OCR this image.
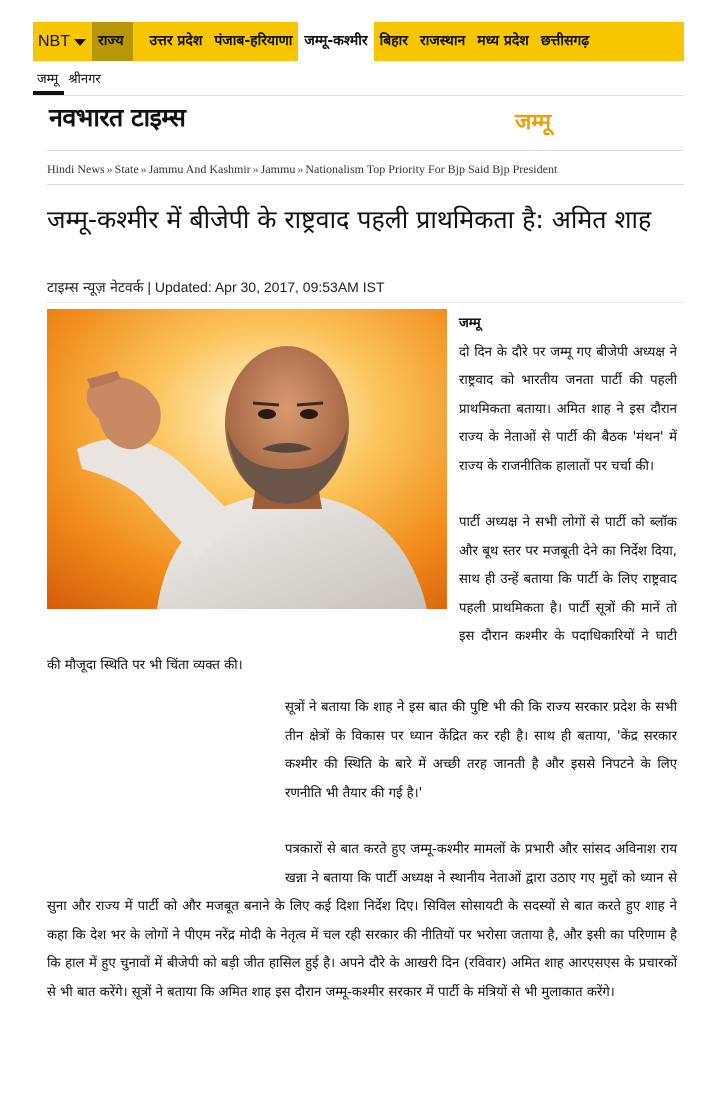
NBT	राज्य	उत्तर प्रदेश पंजाब-हरियाणा जम्मू-कश्मीर बिहार राजस्थान मध्य प्रदेश छत्तीसगढ़
जम्मू श्रीनगर
नवभारत टाइम्स	जम्मू
Hindi News » State » Jammu And Kashmir » Jammu » Nationalism Top Priority For Bjp Said Bjp President
जम्मू-कश्मीर में बीजेपी के राष्ट्रवाद पहली प्राथमिकता है: अमित शाह
टाइम्स न्यूज़ नेटवर्क | Updated: Apr 30, 2017, 09:53AM IST
जम्मू

दो दिन के दौरे पर जम्मू गए बीजेपी अध्यक्ष ने राष्ट्रवाद को भारतीय जनता पार्टी की पहली प्राथमिकता बताया। अमित शाह ने इस दौरान राज्य के नेताओं से पार्टी की बैठक 'मंथन' में राज्य के राजनीतिक हालातों पर चर्चा की।

पार्टी अध्यक्ष ने सभी लोगों से पार्टी को ब्लॉक और बूथ स्तर पर मजबूती देने का निर्देश दिया, साथ ही उन्हें बताया कि पार्टी के लिए राष्ट्रवाद पहली प्राथमिकता है। पार्टी सूत्रों की मानें तो इस दौरान कश्मीर के पदाधिकारियों ने घाटी की मौजूदा स्थिति पर भी चिंता व्यक्त की।

सूत्रों ने बताया कि शाह ने इस बात की पुष्टि भी की कि राज्य सरकार प्रदेश के सभी तीन क्षेत्रों के विकास पर ध्यान केंद्रित कर रही है। साथ ही बताया, 'केंद्र सरकार कश्मीर की स्थिति के बारे में अच्छी तरह जानती है और इससे निपटने के लिए रणनीति भी तैयार की गई है।'

पत्रकारों से बात करते हुए जम्मू-कश्मीर मामलों के प्रभारी और सांसद अविनाश राय खन्ना ने बताया कि पार्टी अध्यक्ष ने स्थानीय नेताओं द्वारा उठाए गए मुद्दों को ध्यान से सुना और राज्य में पार्टी को और मजबूत बनाने के लिए कई दिशा निर्देश दिए। सिविल सोसायटी के सदस्यों से बात करते हुए शाह ने कहा कि देश भर के लोगों ने पीएम नरेंद्र मोदी के नेतृत्व में चल रही सरकार की नीतियों पर भरोसा जताया है, और इसी का परिणाम है कि हाल में हुए चुनावों में बीजेपी को बड़ी जीत हासिल हुई है। अपने दौरे के आखरी दिन (रविवार) अमित शाह आरएसएस के प्रचारकों से भी बात करेंगे। सूत्रों ने बताया कि अमित शाह इस दौरान जम्मू-कश्मीर सरकार में पार्टी के मंत्रियों से भी मुलाकात करेंगे।
